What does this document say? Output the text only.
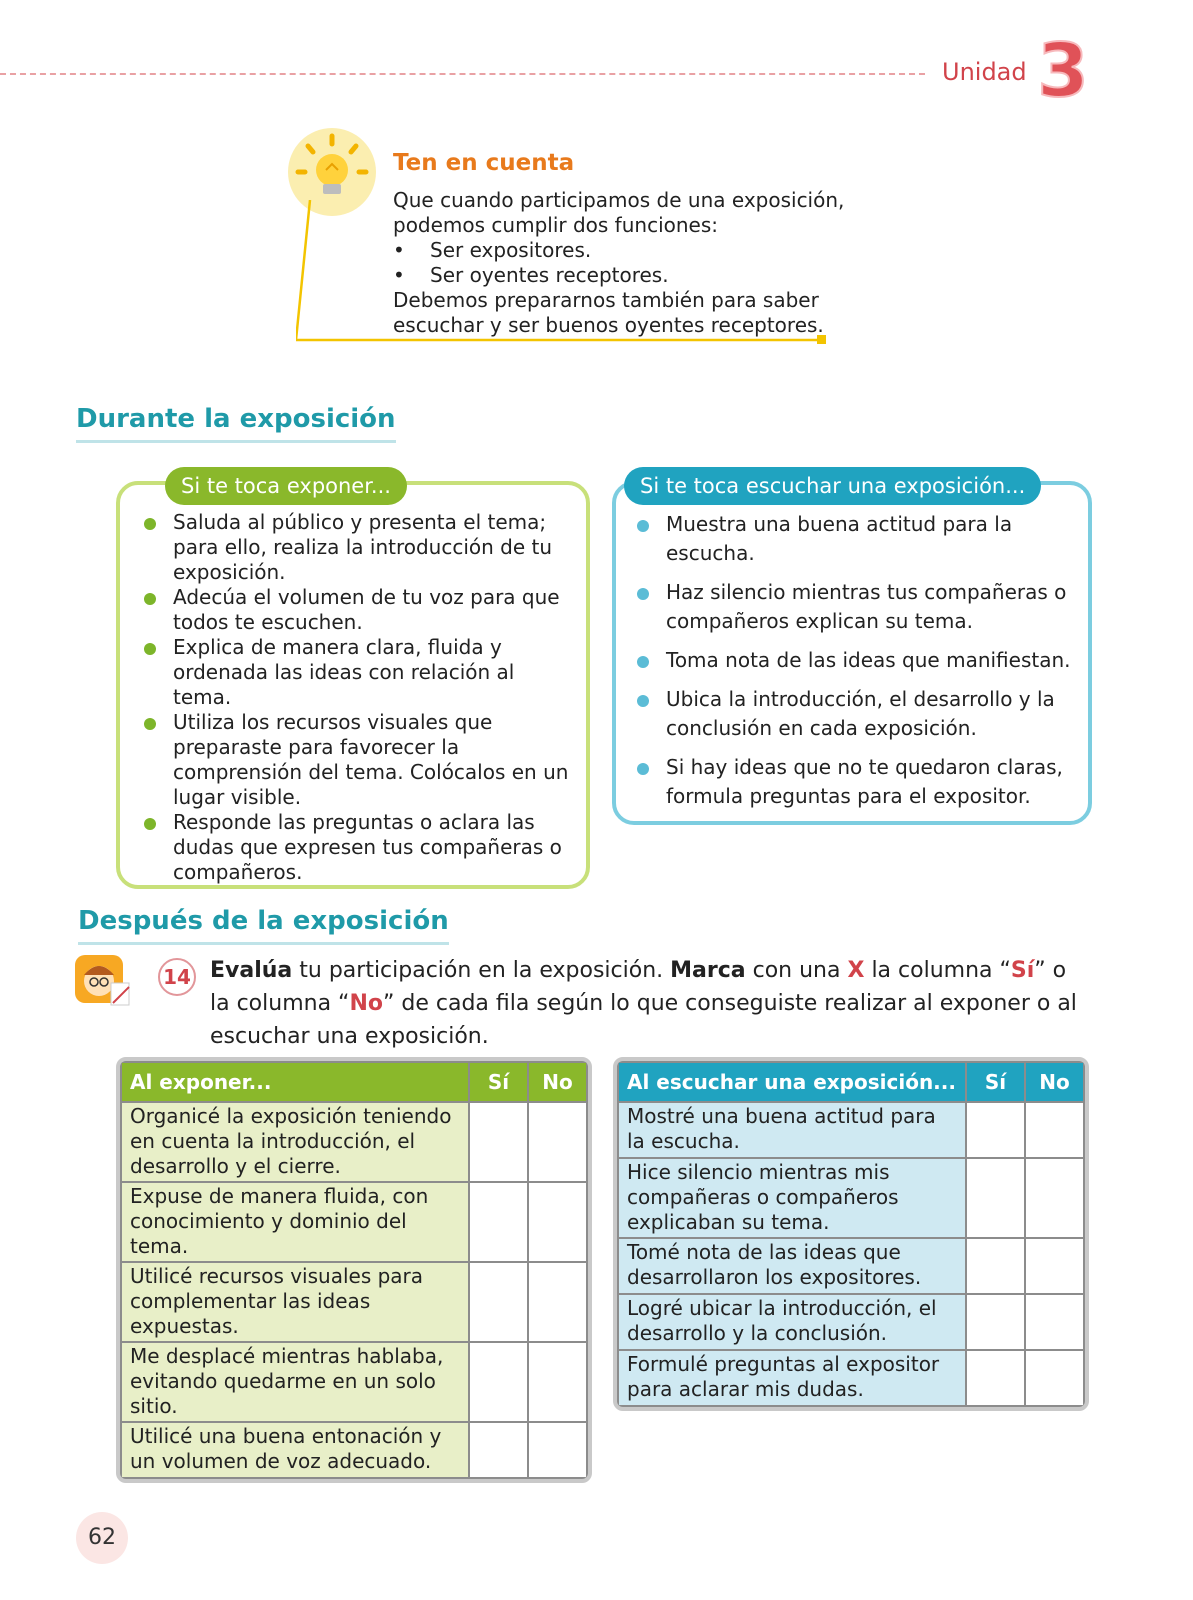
Unidad 3
Ten en cuenta
Que cuando participamos de una exposición,
podemos cumplir dos funciones:
• Ser expositores.
• Ser oyentes receptores.
Debemos prepararnos también para saber
escuchar y ser buenos oyentes receptores.
Durante la exposición
Si te toca exponer...
Saluda al público y presenta el tema; para ello, realiza la introducción de tu exposición.
Adecúa el volumen de tu voz para que todos te escuchen.
Explica de manera clara, fluida y ordenada las ideas con relación al tema.
Utiliza los recursos visuales que preparaste para favorecer la comprensión del tema. Colócalos en un lugar visible.
Responde las preguntas o aclara las dudas que expresen tus compañeras o compañeros.
Si te toca escuchar una exposición...
Muestra una buena actitud para la escucha.
Haz silencio mientras tus compañeras o compañeros explican su tema.
Toma nota de las ideas que manifiestan.
Ubica la introducción, el desarrollo y la conclusión en cada exposición.
Si hay ideas que no te quedaron claras, formula preguntas para el expositor.
Después de la exposición
14 Evalúa tu participación en la exposición. Marca con una X la columna “Sí” o la columna “No” de cada fila según lo que conseguiste realizar al exponer o al escuchar una exposición.
Al exponer...	Sí	No
Organicé la exposición teniendo en cuenta la introducción, el desarrollo y el cierre.		
Expuse de manera fluida, con conocimiento y dominio del tema.		
Utilicé recursos visuales para complementar las ideas expuestas.		
Me desplacé mientras hablaba, evitando quedarme en un solo sitio.		
Utilicé una buena entonación y un volumen de voz adecuado.		
Al escuchar una exposición...	Sí	No
Mostré una buena actitud para la escucha.		
Hice silencio mientras mis compañeras o compañeros explicaban su tema.		
Tomé nota de las ideas que desarrollaron los expositores.		
Logré ubicar la introducción, el desarrollo y la conclusión.		
Formulé preguntas al expositor para aclarar mis dudas.		
62
